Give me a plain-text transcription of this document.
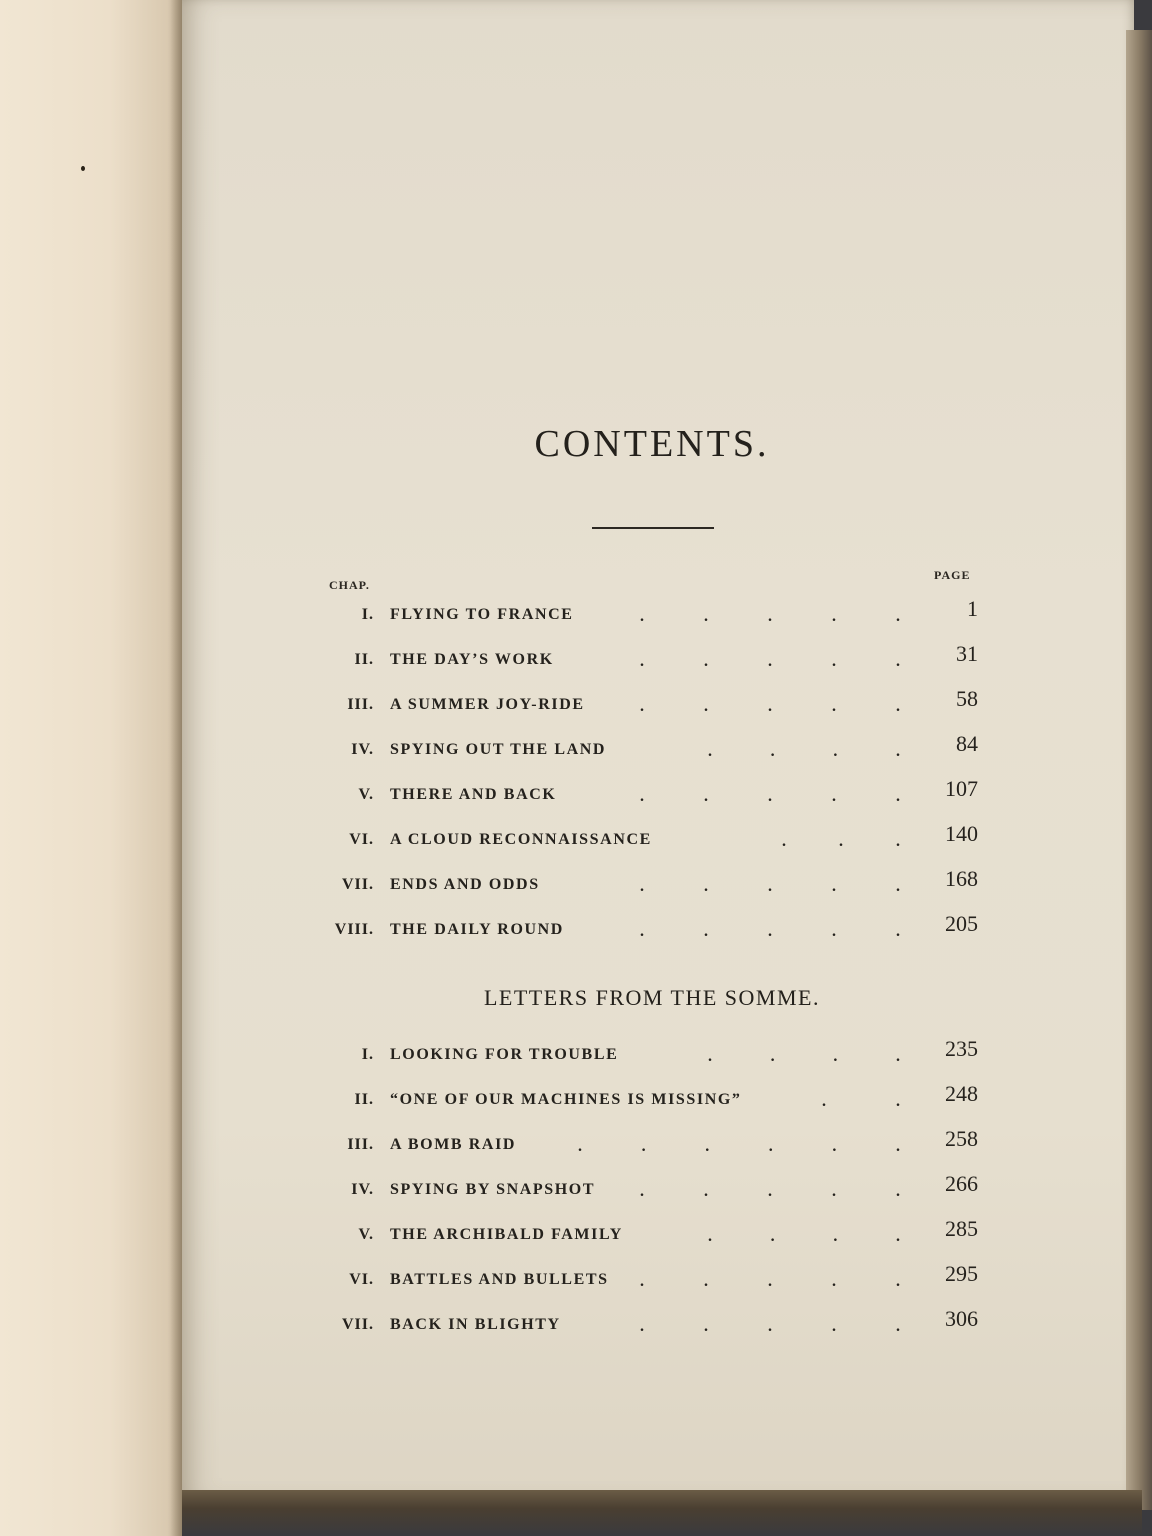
CONTENTS.
CHAP.
PAGE
I. FLYING TO FRANCE	.	.	.	.	.	1
II. THE DAY’S WORK	.	.	.	.	.	31
III. A SUMMER JOY-RIDE	.	.	.	.	.	58
IV. SPYING OUT THE LAND	.	.	.	.	84
V. THERE AND BACK	.	.	.	.	. 107
VI. A CLOUD RECONNAISSANCE	.	.	. 140
VII. ENDS AND ODDS	.	.	.	.	. 168
VIII. THE DAILY ROUND	.	.	.	.	. 205
LETTERS FROM THE SOMME.
I. LOOKING FOR TROUBLE	.	.	.	. 235
II. “ONE OF OUR MACHINES IS MISSING”	.	. 248
III. A BOMB RAID	.	.	.	.	.	. 258
IV. SPYING BY SNAPSHOT	.	.	.	.	. 266
V. THE ARCHIBALD FAMILY	.	.	.	. 285
VI. BATTLES AND BULLETS .	.	.	.	. 295
VII. BACK IN BLIGHTY	.	.	.	.	. 306
